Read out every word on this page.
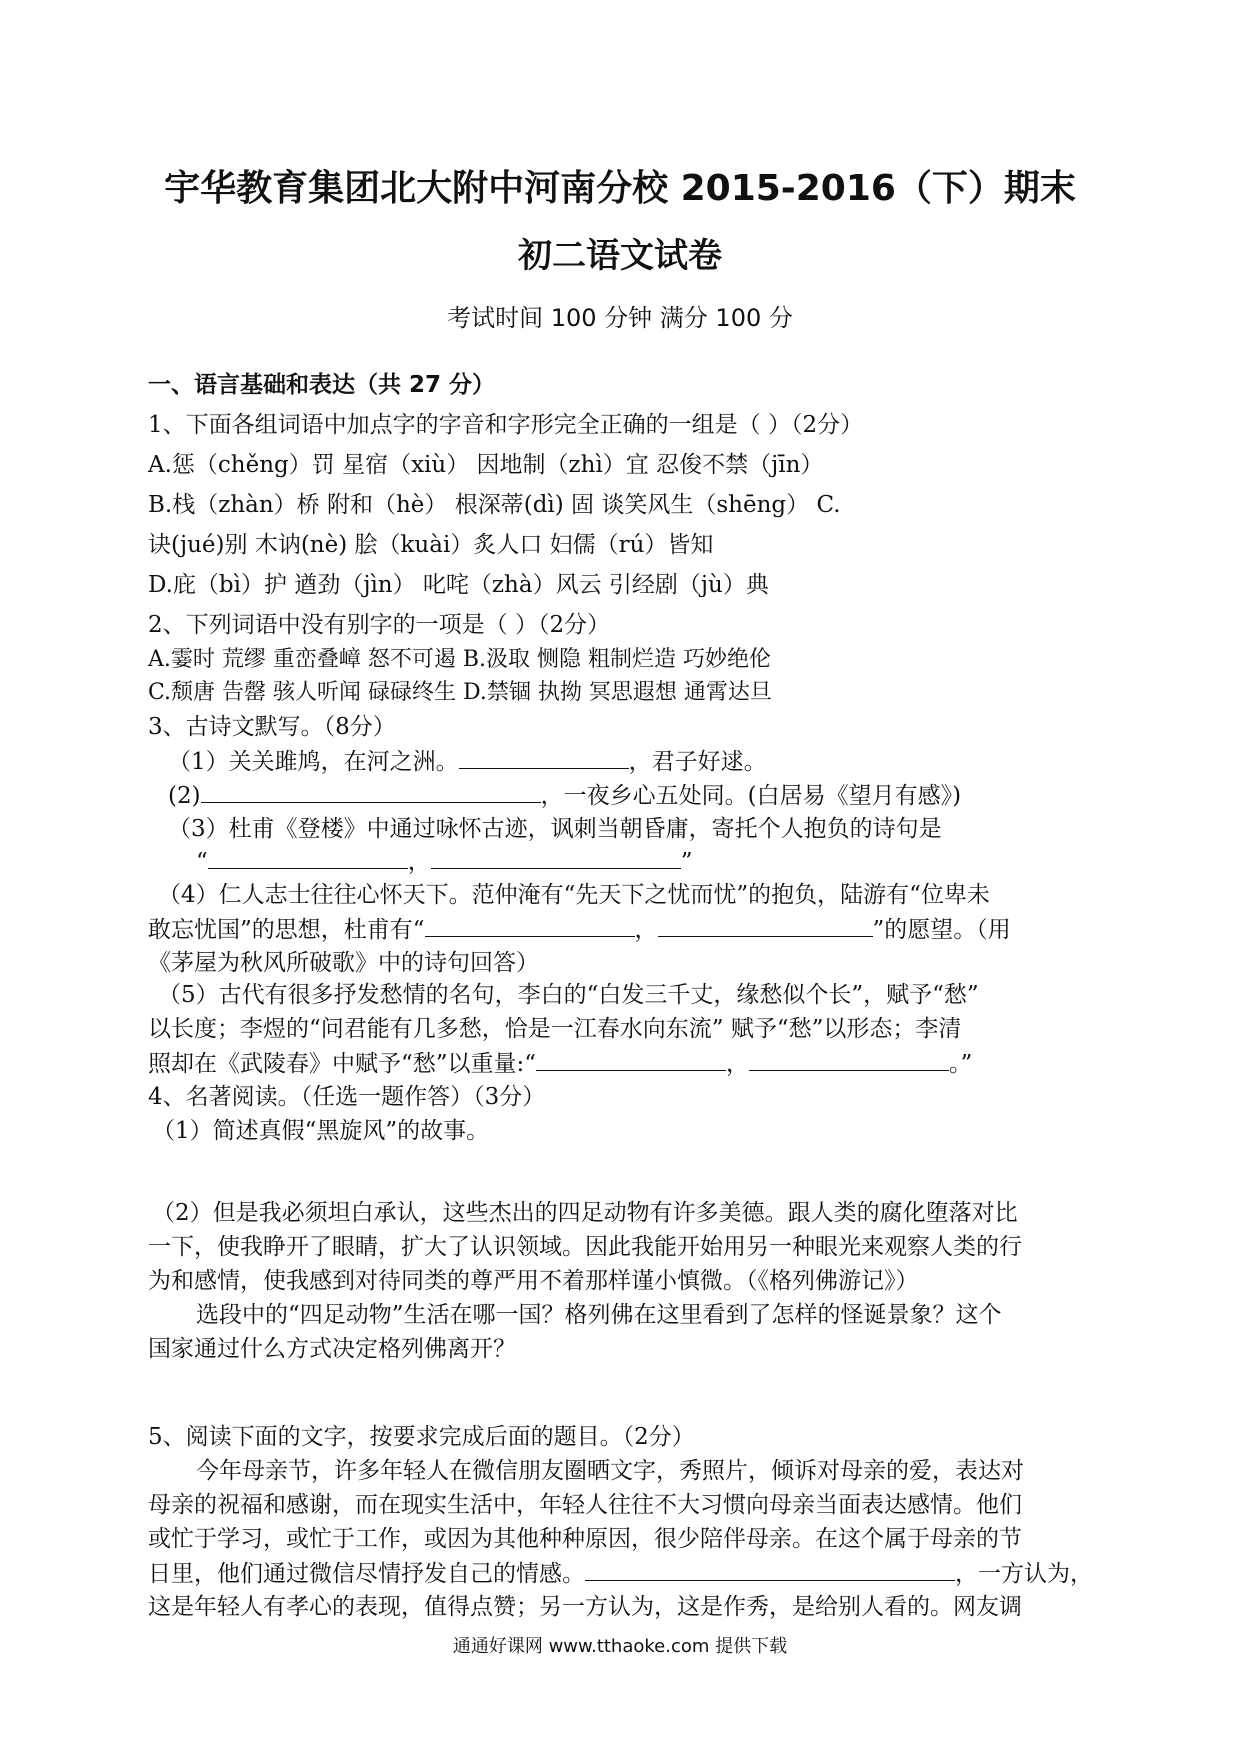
宇华教育集团北大附中河南分校 2015-2016（下）期末
初二语文试卷
考试时间 100 分钟 满分 100 分
一、语言基础和表达（共 27 分）
1、下面各组词语中加点字的字音和字形完全正确的一组是（ ）（2分）
A.惩（chěng）罚 星宿（xiù） 因地制（zhì）宜 忍俊不禁（jīn）
B.栈（zhàn）桥 附和（hè） 根深蒂(dì) 固 谈笑风生（shēng） C.
诀(jué)别 木讷(nè) 脍（kuài）炙人口 妇儒（rú）皆知
D.庇（bì）护 遒劲（jìn） 叱咤（zhà）风云 引经剧（jù）典
2、下列词语中没有别字的一项是（ ）（2分）
A.霎时 荒缪 重峦叠嶂 怒不可遏 B.汲取 恻隐 粗制烂造 巧妙绝伦
C.颓唐 告罄 骇人听闻 碌碌终生 D.禁锢 执拗 冥思遐想 通霄达旦
3、古诗文默写。（8分）
（1）关关雎鸠，在河之洲。	，君子好逑。
(2)	，一夜乡心五处同。(白居易《望月有感》)
（3）杜甫《登楼》中通过咏怀古迹，讽刺当朝昏庸，寄托个人抱负的诗句是
“	，	”
（4）仁人志士往往心怀天下。范仲淹有“先天下之忧而忧”的抱负，陆游有“位卑未
敢忘忧国”的思想，杜甫有“	，	”的愿望。（用
《茅屋为秋风所破歌》中的诗句回答）
（5）古代有很多抒发愁情的名句，李白的“白发三千丈，缘愁似个长”，赋予“愁”
以长度；李煜的“问君能有几多愁，恰是一江春水向东流” 赋予“愁”以形态；李清
照却在《武陵春》中赋予“愁”以重量:“	，	。”
4、名著阅读。（任选一题作答）（3分）
（1）简述真假“黑旋风”的故事。
（2）但是我必须坦白承认，这些杰出的四足动物有许多美德。跟人类的腐化堕落对比
一下，使我睁开了眼睛，扩大了认识领域。因此我能开始用另一种眼光来观察人类的行
为和感情，使我感到对待同类的尊严用不着那样谨小慎微。（《格列佛游记》）
选段中的“四足动物”生活在哪一国？格列佛在这里看到了怎样的怪诞景象？这个
国家通过什么方式决定格列佛离开？
5、阅读下面的文字，按要求完成后面的题目。（2分）
今年母亲节，许多年轻人在微信朋友圈晒文字，秀照片，倾诉对母亲的爱，表达对
母亲的祝福和感谢，而在现实生活中，年轻人往往不大习惯向母亲当面表达感情。他们
或忙于学习，或忙于工作，或因为其他种种原因，很少陪伴母亲。在这个属于母亲的节
日里，他们通过微信尽情抒发自己的情感。	，一方认为，
这是年轻人有孝心的表现，值得点赞；另一方认为，这是作秀，是给别人看的。网友调
通通好课网 www.tthaoke.com 提供下载
